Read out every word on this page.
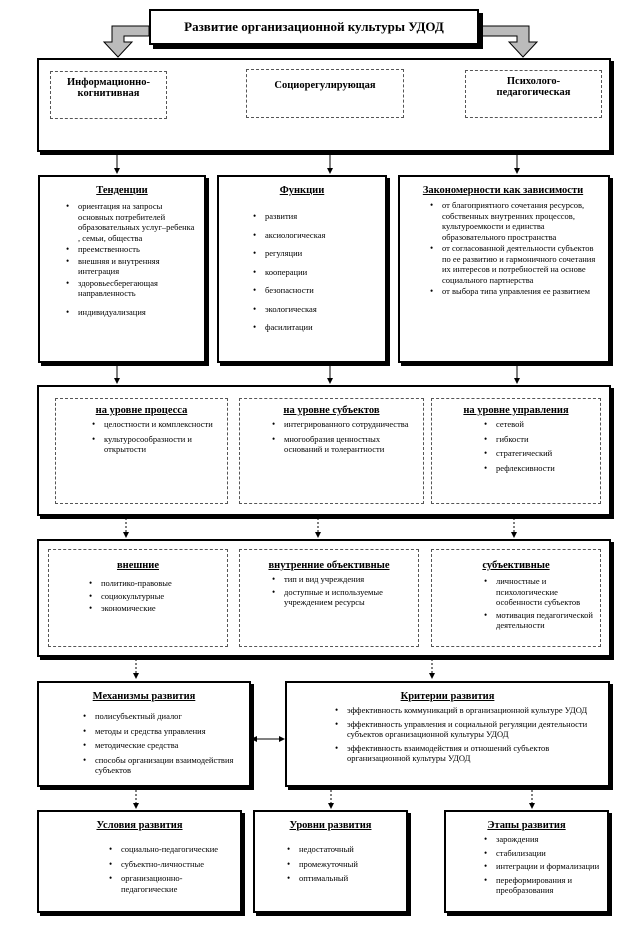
Развитие организационной культуры УДОД
Информационно-когнитивная
Социорегулирующая	Психолого-педагогическая
Тенденции
• ориентация на запросы основных потребителей образовательных услуг–ребенка , семьи, общества
• преемственность
• внешняя и внутренняя интеграция
• здоровьесберегающая направленность
• индивидуализация
Функции
• развития
• аксиологическая
• регуляции
• кооперации
• безопасности
• экологическая
• фасилитации
Закономерности как зависимости
• от благоприятного сочетания ресурсов, собственных внутренних процессов, культуроемкости и единства образовательного пространства
• от согласованной деятельности субъектов по ее развитию и гармоничного сочетания их интересов и потребностей на основе социального партнерства
• от выбора типа управления ее развитием
на уровне процесса
• целостности и комплексности
• культуросообразности и открытости
на уровне субъектов
• интегрированного сотрудничества
• многообразия ценностных оснований и толерантности
на уровне управления
• сетевой
• гибкости
• стратегический
• рефлексивности
внешние
• политико-правовые
• социокультурные
• экономические
внутренние объективные
• тип и вид учреждения
• доступные и используемые учреждением ресурсы
субъективные
• личностные и психологические особенности субъектов
• мотивация педагогической деятельности
Механизмы развития
• полисубъектный диалог
• методы и средства управления
• методические средства
• способы организации взаимодействия субъектов
Критерии развития
• эффективность коммуникаций в организационной культуре УДОД
• эффективность управления и социальной регуляции деятельности субъектов организационной культуры УДОД
• эффективность взаимодействия и отношений субъектов организационной культуры УДОД
Условия развития
• социально-педагогические
• субъектно-личностные
• организационно-педагогические
Уровни развития
• недостаточный
• промежуточный
• оптимальный
Этапы развития
• зарождения
• стабилизации
• интеграции и формализации
• переформирования и преобразования
